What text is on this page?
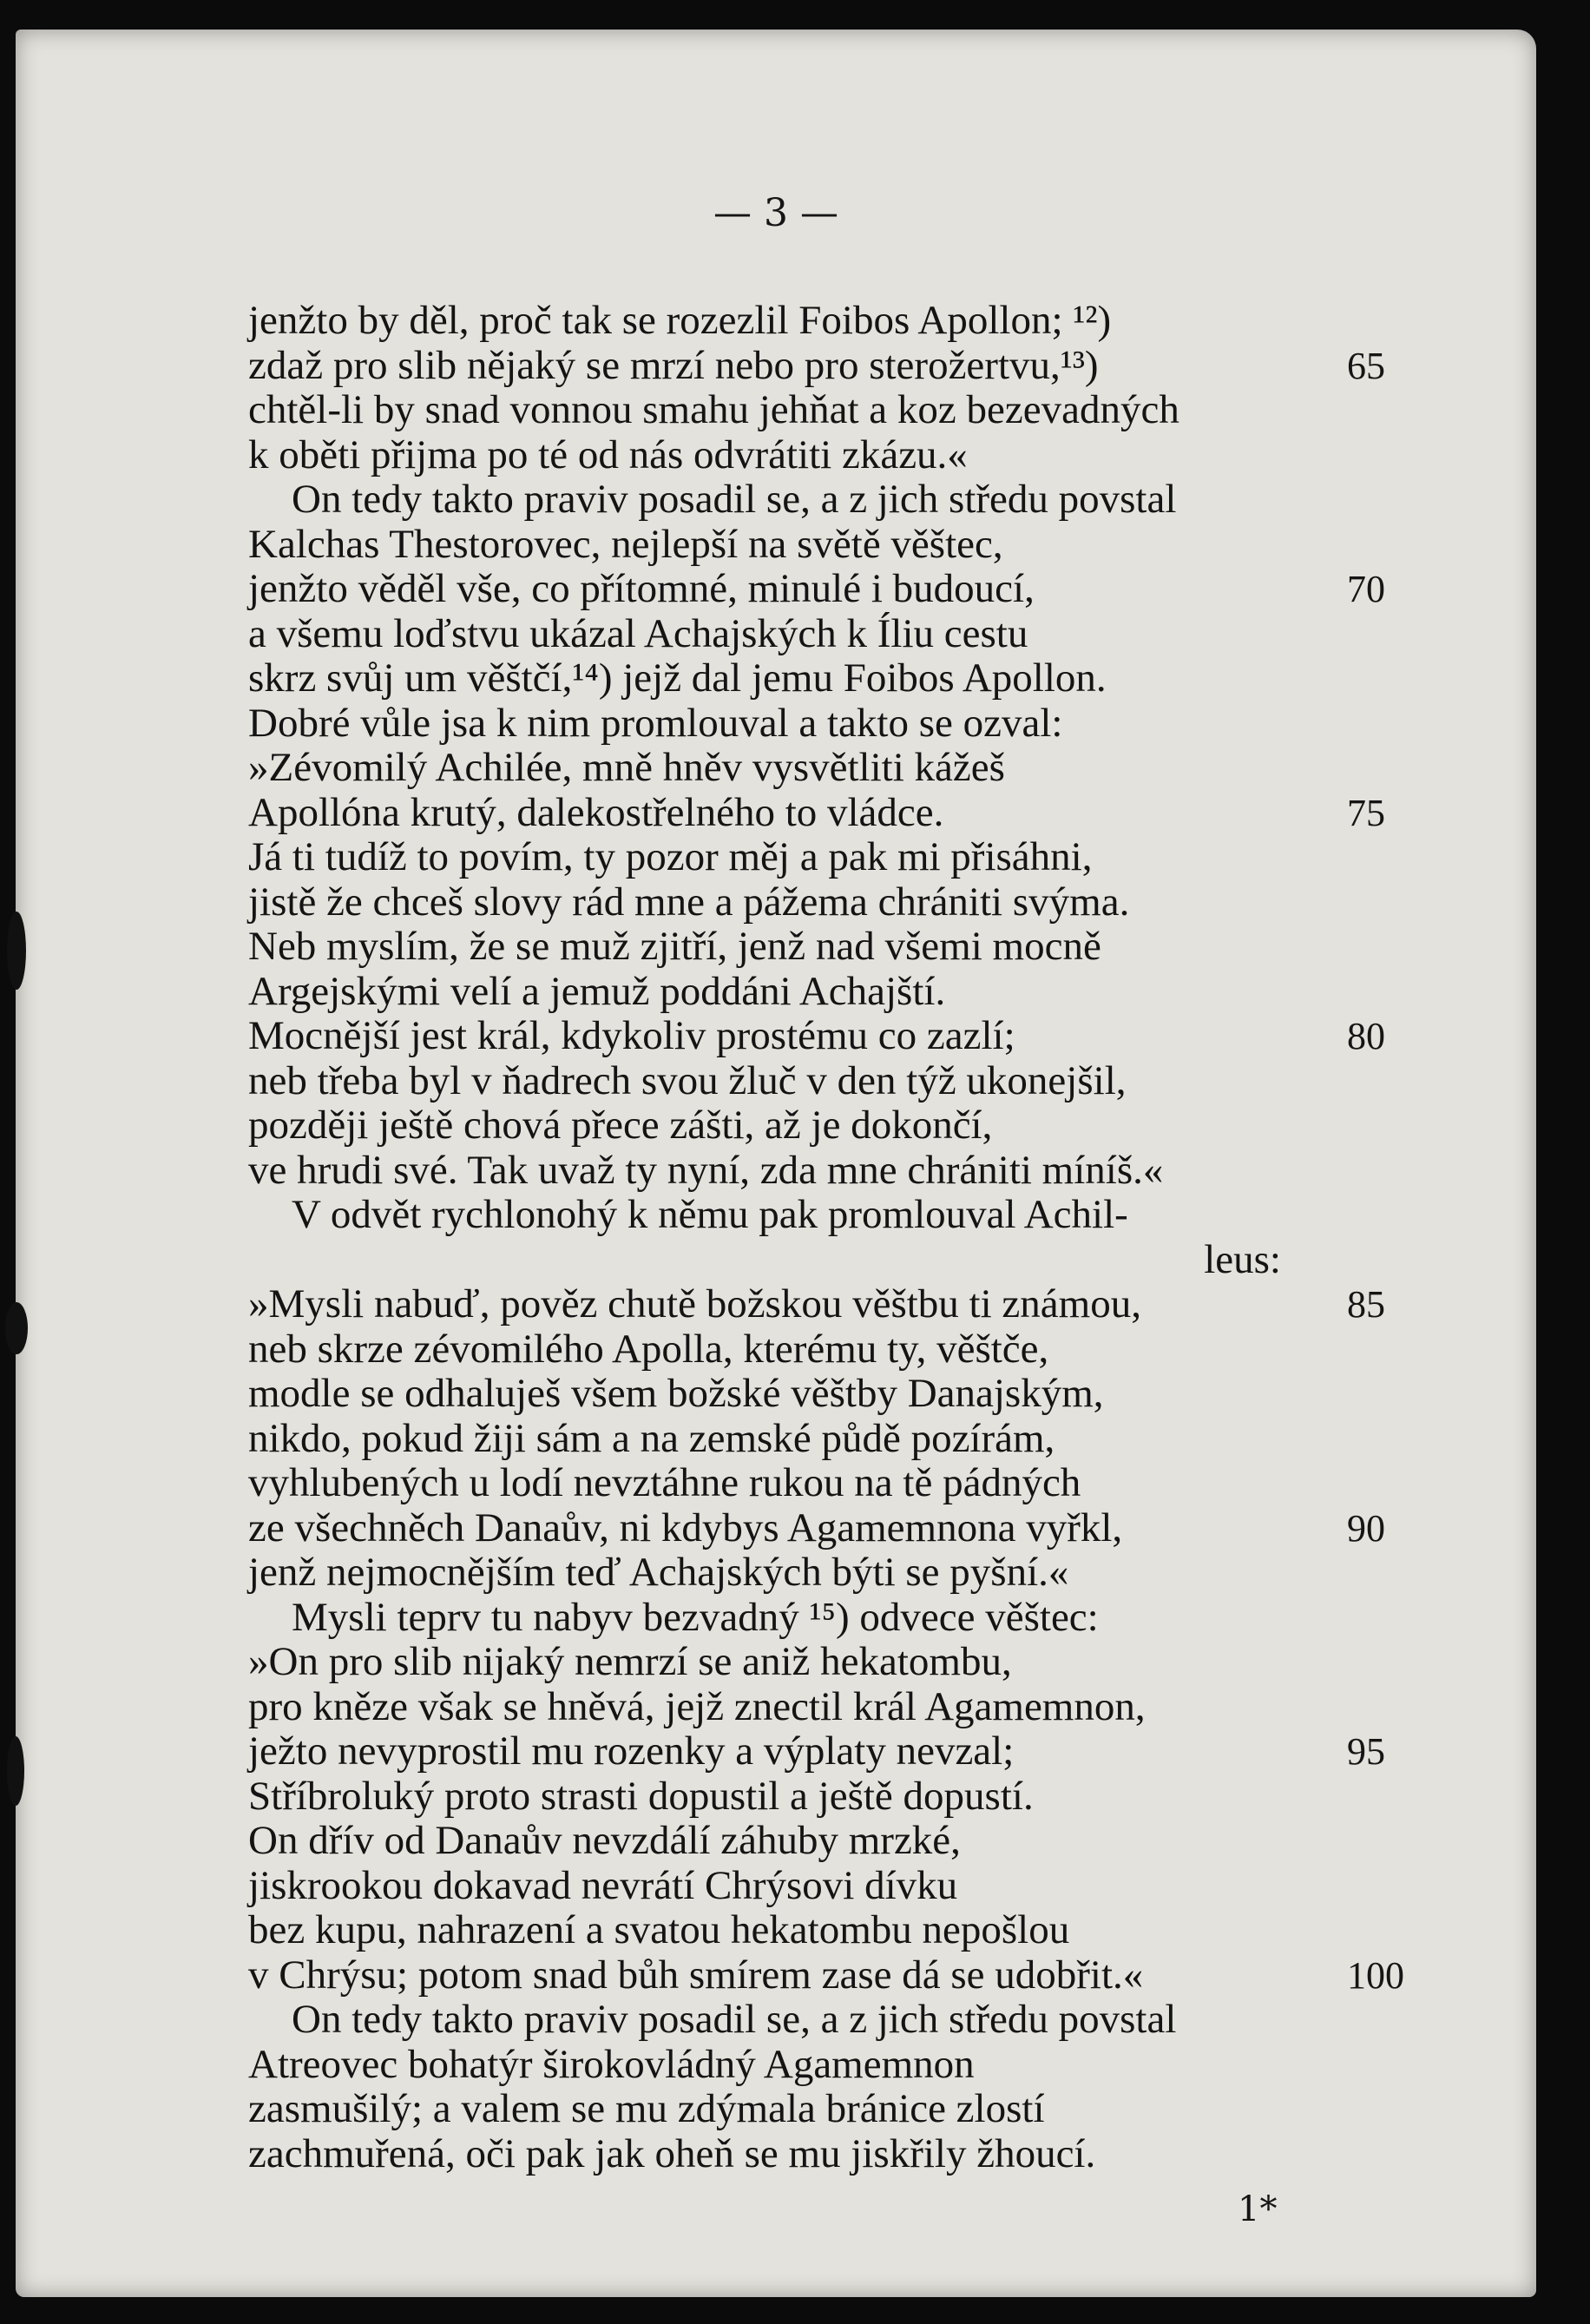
— 3 —
jenžto by děl, proč tak se rozezlil Foibos Apollon; ¹²)
zdaž pro slib nějaký se mrzí nebo pro sterožertvu,¹³)	65
chtěl-li by snad vonnou smahu jehňat a koz bezevadných
k oběti přijma po té od nás odvrátiti zkázu.«
On tedy takto praviv posadil se, a z jich středu povstal
Kalchas Thestorovec, nejlepší na světě věštec,
jenžto věděl vše, co přítomné, minulé i budoucí,	70
a všemu loďstvu ukázal Achajských k Íliu cestu
skrz svůj um věštčí,¹⁴) jejž dal jemu Foibos Apollon.
Dobré vůle jsa k nim promlouval a takto se ozval:
»Zévomilý Achilée, mně hněv vysvětliti kážeš
Apollóna krutý, dalekostřelného to vládce.	75
Já ti tudíž to povím, ty pozor měj a pak mi přisáhni,
jistě že chceš slovy rád mne a pážema chrániti svýma.
Neb myslím, že se muž zjitří, jenž nad všemi mocně
Argejskými velí a jemuž poddáni Achajští.
Mocnější jest král, kdykoliv prostému co zazlí;	80
neb třeba byl v ňadrech svou žluč v den týž ukonejšil,
později ještě chová přece zášti, až je dokončí,
ve hrudi své. Tak uvaž ty nyní, zda mne chrániti míníš.«
V odvět rychlonohý k němu pak promlouval Achil-
leus:
»Mysli nabuď, pověz chutě božskou věštbu ti známou,	85
neb skrze zévomilého Apolla, kterému ty, věštče,
modle se odhaluješ všem božské věštby Danajským,
nikdo, pokud žiji sám a na zemské půdě pozírám,
vyhlubených u lodí nevztáhne rukou na tě pádných
ze všechněch Danaův, ni kdybys Agamemnona vyřkl,	90
jenž nejmocnějším teď Achajských býti se pyšní.«
Mysli teprv tu nabyv bezvadný ¹⁵) odvece věštec:
»On pro slib nijaký nemrzí se aniž hekatombu,
pro kněze však se hněvá, jejž znectil král Agamemnon,
ježto nevyprostil mu rozenky a výplaty nevzal;	95
Stříbroluký proto strasti dopustil a ještě dopustí.
On dřív od Danaův nevzdálí záhuby mrzké,
jiskrookou dokavad nevrátí Chrýsovi dívku
bez kupu, nahrazení a svatou hekatombu nepošlou
v Chrýsu; potom snad bůh smírem zase dá se udobřit.«	100
On tedy takto praviv posadil se, a z jich středu povstal
Atreovec bohatýr širokovládný Agamemnon
zasmušilý; a valem se mu zdýmala bránice zlostí
zachmuřená, oči pak jak oheň se mu jiskřily žhoucí.
1*
